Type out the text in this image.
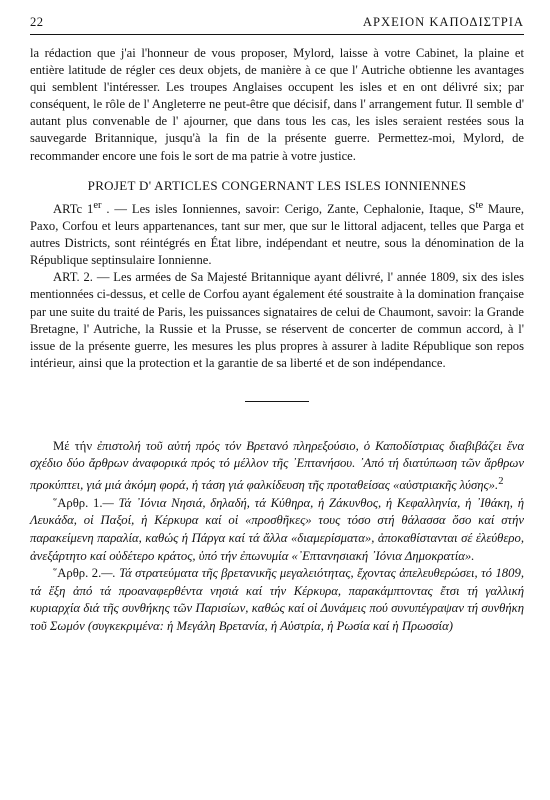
22	ΑΡΧΕΙΟΝ ΚΑΠΟΔΙΣΤΡΙΑ

la rédaction que j'ai l'honneur de vous proposer, Mylord, laisse à votre Cabinet, la plaine et entière latitude de régler ces deux objets, de manière à ce que l' Autriche obtienne les avantages qui semblent l'intéresser. Les troupes Anglaises occupent les isles et en ont délivré six; par conséquent, le rôle de l' Angleterre ne peut-être que décisif, dans l' arrangement futur. Il semble d' autant plus convenable de l' ajourner, que dans tous les cas, les isles seraient restées sous la sauvegarde Britannique, jusqu'à la fin de la présente guerre. Permettez-moi, Mylord, de recommander encore une fois le sort de ma patrie à votre justice.

PROJET D' ARTICLES CONGERNANT LES ISLES IONNIENNES

ARTc 1er . — Les isles Ionniennes, savoir: Cerigo, Zante, Cephalonie, Itaque, $S^{te}$ Maure, Paxo, Corfou et leurs appartenances, tant sur mer, que sur le littoral adjacent, telles que Parga et autres Districts, sont réintégrés en État libre, indépendant et neutre, sous la dénomination de la République septinsulaire Ionnienne.

ART. 2. — Les armées de Sa Majesté Britannique ayant délivré, l' année 1809, six des isles mentionnées ci-dessus, et celle de Corfou ayant également été soustraite à la domination française par une suite du traité de Paris, les puissances signataires de celui de Chaumont, savoir: la Grande Bretagne, l' Autriche, la Russie et la Prusse, se réservent de concerter de commun accord, à l' issue de la présente guerre, les mesures les plus propres à assurer à ladite République son repos intérieur, ainsi que la protection et la garantie de sa liberté et de son indépendance.

Μέ τήν ἐπιστολή τοῦ αὐτή πρός τόν Βρετανό πληρεξούσιο, ὁ Καποδίστριας διαβιβάζει ἕνα σχέδιο δύο ἄρθρων ἀναφορικά πρός τό μέλλον τῆς ᾽Επτανήσου. ᾽Από τή διατύπωση τῶν ἄρθρων προκύπτει, γιά μιά ἀκόμη φορά, ἡ τάση γιά φαλκίδευση τῆς προταθείσας «αὐστριακῆς λύσης».$^2$

῞Αρθρ. 1.— Τά ᾽Ιόνια Νησιά, δηλαδή, τά Κύθηρα, ἡ Ζάκυνθος, ἡ Κεφαλληνία, ἡ ᾽Ιθάκη, ἡ Λευκάδα, οἱ Παξοί, ἡ Κέρκυρα καί οἱ «προσθῆκες» τους τόσο στή θάλασσα ὅσο καί στήν παρακείμενη παραλία, καθώς ἡ Πάργα καί τά ἄλλα «διαμερίσματα», ἀποκαθίστανται σέ ἐλεύθερο, ἀνεξάρτητο καί οὐδέτερο κράτος, ὑπό τήν ἐπωνυμία «᾽Επτανησιακή ᾽Ιόνια Δημοκρατία».

῞Αρθρ. 2.—. Τά στρατεύματα τῆς βρετανικῆς μεγαλειότητας, ἔχοντας ἀπελευθερώσει, τό 1809, τά ἕξη ἀπό τά προαναφερθέντα νησιά καί τήν Κέρκυρα, παρακάμπτοντας ἔτσι τή γαλλική κυριαρχία διά τῆς συνθήκης τῶν Παρισίων, καθώς καί οἱ Δυνάμεις πού συνυπέγραψαν τή συνθήκη τοῦ Σωμόν (συγκεκριμένα: ἡ Μεγάλη Βρετανία, ἡ Αὐστρία, ἡ Ρωσία καί ἡ Πρωσσία)
